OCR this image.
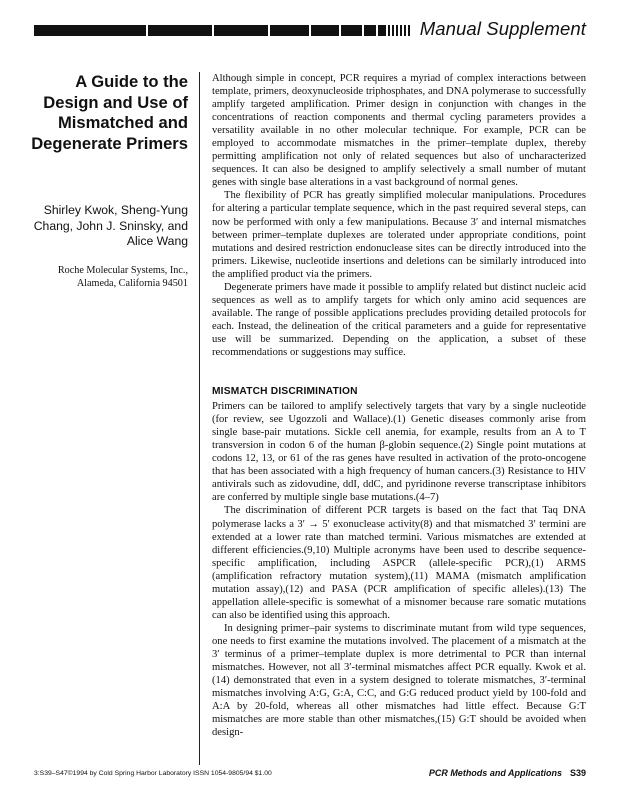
Manual Supplement
A Guide to the Design and Use of Mismatched and Degenerate Primers
Shirley Kwok, Sheng-Yung Chang, John J. Sninsky, and Alice Wang
Roche Molecular Systems, Inc., Alameda, California 94501

Although simple in concept, PCR requires a myriad of complex interactions between template, primers, deoxynucleoside triphosphates, and DNA polymerase to successfully amplify targeted amplification. Primer design in conjunction with changes in the concentrations of reaction components and thermal cycling parameters provides a versatility available in no other molecular technique. For example, PCR can be employed to accommodate mismatches in the primer–template duplex, thereby permitting amplification not only of related sequences but also of uncharacterized sequences. It can also be designed to amplify selectively a small number of mutant genes with single base alterations in a vast background of normal genes.

The flexibility of PCR has greatly simplified molecular manipulations. Procedures for altering a particular template sequence, which in the past required several steps, can now be performed with only a few manipulations. Because 3′ and internal mismatches between primer–template duplexes are tolerated under appropriate conditions, point mutations and desired restriction endonuclease sites can be directly introduced into the primers. Likewise, nucleotide insertions and deletions can be similarly introduced into the amplified product via the primers.

Degenerate primers have made it possible to amplify related but distinct nucleic acid sequences as well as to amplify targets for which only amino acid sequences are available. The range of possible applications precludes providing detailed protocols for each. Instead, the delineation of the critical parameters and a guide for representative use will be summarized. Depending on the application, a subset of these recommendations or suggestions may suffice.

MISMATCH DISCRIMINATION

Primers can be tailored to amplify selectively targets that vary by a single nucleotide (for review, see Ugozzoli and Wallace).(1) Genetic diseases commonly arise from single base-pair mutations. Sickle cell anemia, for example, results from an A to T transversion in codon 6 of the human β-globin sequence.(2) Single point mutations at codons 12, 13, or 61 of the ras genes have resulted in activation of the proto-oncogene that has been associated with a high frequency of human cancers.(3) Resistance to HIV antivirals such as zidovudine, ddI, ddC, and pyridinone reverse transcriptase inhibitors are conferred by multiple single base mutations.(4–7)

The discrimination of different PCR targets is based on the fact that Taq DNA polymerase lacks a 3′ → 5′ exonuclease activity(8) and that mismatched 3′ termini are extended at a lower rate than matched termini. Various mismatches are extended at different efficiencies.(9,10) Multiple acronyms have been used to describe sequence-specific amplification, including ASPCR (allele-specific PCR),(1) ARMS (amplification refractory mutation system),(11) MAMA (mismatch amplification mutation assay),(12) and PASA (PCR amplification of specific alleles).(13) The appellation allele-specific is somewhat of a misnomer because rare somatic mutations can also be identified using this approach.

In designing primer–pair systems to discriminate mutant from wild type sequences, one needs to first examine the mutations involved. The placement of a mismatch at the 3′ terminus of a primer–template duplex is more detrimental to PCR than internal mismatches. However, not all 3′-terminal mismatches affect PCR equally. Kwok et al.(14) demonstrated that even in a system designed to tolerate mismatches, 3′-terminal mismatches involving A:G, G:A, C:C, and G:G reduced product yield by 100-fold and A:A by 20-fold, whereas all other mismatches had little effect. Because G:T mismatches are more stable than other mismatches,(15) G:T should be avoided when design-

3:S39–S47©1994 by Cold Spring Harbor Laboratory ISSN 1054-9805/94 $1.00	PCR Methods and Applications S39
